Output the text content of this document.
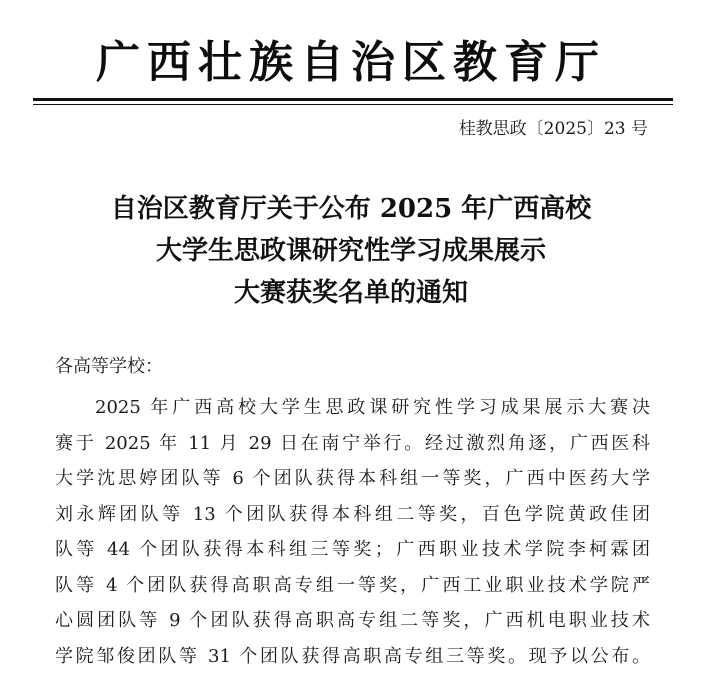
广西壮族自治区教育厅
桂教思政〔2025〕23 号
自治区教育厅关于公布 2025 年广西高校
大学生思政课研究性学习成果展示
大赛获奖名单的通知
各高等学校：
2025 年广西高校大学生思政课研究性学习成果展示大赛决
赛于 2025 年 11 月 29 日在南宁举行。经过激烈角逐，广西医科
大学沈思婷团队等 6 个团队获得本科组一等奖，广西中医药大学
刘永辉团队等 13 个团队获得本科组二等奖，百色学院黄政佳团
队等 44 个团队获得本科组三等奖；广西职业技术学院李柯霖团
队等 4 个团队获得高职高专组一等奖，广西工业职业技术学院严
心圆团队等 9 个团队获得高职高专组二等奖，广西机电职业技术
学院邹俊团队等 31 个团队获得高职高专组三等奖。现予以公布。
